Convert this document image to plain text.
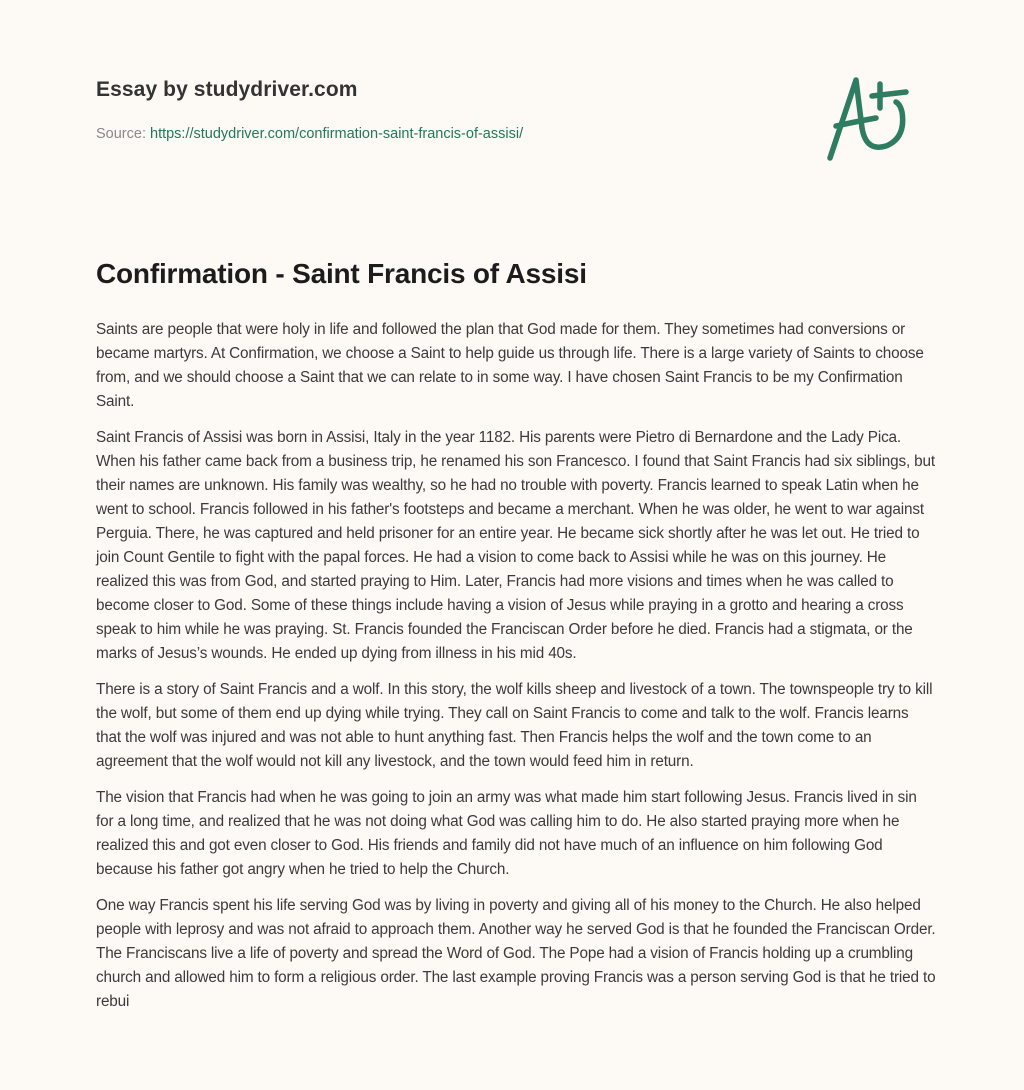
Essay by studydriver.com
Source: https://studydriver.com/confirmation-saint-francis-of-assisi/
Confirmation - Saint Francis of Assisi

Saints are people that were holy in life and followed the plan that God made for them. They sometimes had conversions or became martyrs. At Confirmation, we choose a Saint to help guide us through life. There is a large variety of Saints to choose from, and we should choose a Saint that we can relate to in some way. I have chosen Saint Francis to be my Confirmation Saint.

Saint Francis of Assisi was born in Assisi, Italy in the year 1182. His parents were Pietro di Bernardone and the Lady Pica. When his father came back from a business trip, he renamed his son Francesco. I found that Saint Francis had six siblings, but their names are unknown. His family was wealthy, so he had no trouble with poverty. Francis learned to speak Latin when he went to school. Francis followed in his father's footsteps and became a merchant. When he was older, he went to war against Perguia. There, he was captured and held prisoner for an entire year. He became sick shortly after he was let out. He tried to join Count Gentile to fight with the papal forces. He had a vision to come back to Assisi while he was on this journey. He realized this was from God, and started praying to Him. Later, Francis had more visions and times when he was called to become closer to God. Some of these things include having a vision of Jesus while praying in a grotto and hearing a cross speak to him while he was praying. St. Francis founded the Franciscan Order before he died. Francis had a stigmata, or the marks of Jesus’s wounds. He ended up dying from illness in his mid 40s.

There is a story of Saint Francis and a wolf. In this story, the wolf kills sheep and livestock of a town. The townspeople try to kill the wolf, but some of them end up dying while trying. They call on Saint Francis to come and talk to the wolf. Francis learns that the wolf was injured and was not able to hunt anything fast. Then Francis helps the wolf and the town come to an agreement that the wolf would not kill any livestock, and the town would feed him in return.

The vision that Francis had when he was going to join an army was what made him start following Jesus. Francis lived in sin for a long time, and realized that he was not doing what God was calling him to do. He also started praying more when he realized this and got even closer to God. His friends and family did not have much of an influence on him following God because his father got angry when he tried to help the Church.

One way Francis spent his life serving God was by living in poverty and giving all of his money to the Church. He also helped people with leprosy and was not afraid to approach them. Another way he served God is that he founded the Franciscan Order. The Franciscans live a life of poverty and spread the Word of God. The Pope had a vision of Francis holding up a crumbling church and allowed him to form a religious order. The last example proving Francis was a person serving God is that he tried to rebui
